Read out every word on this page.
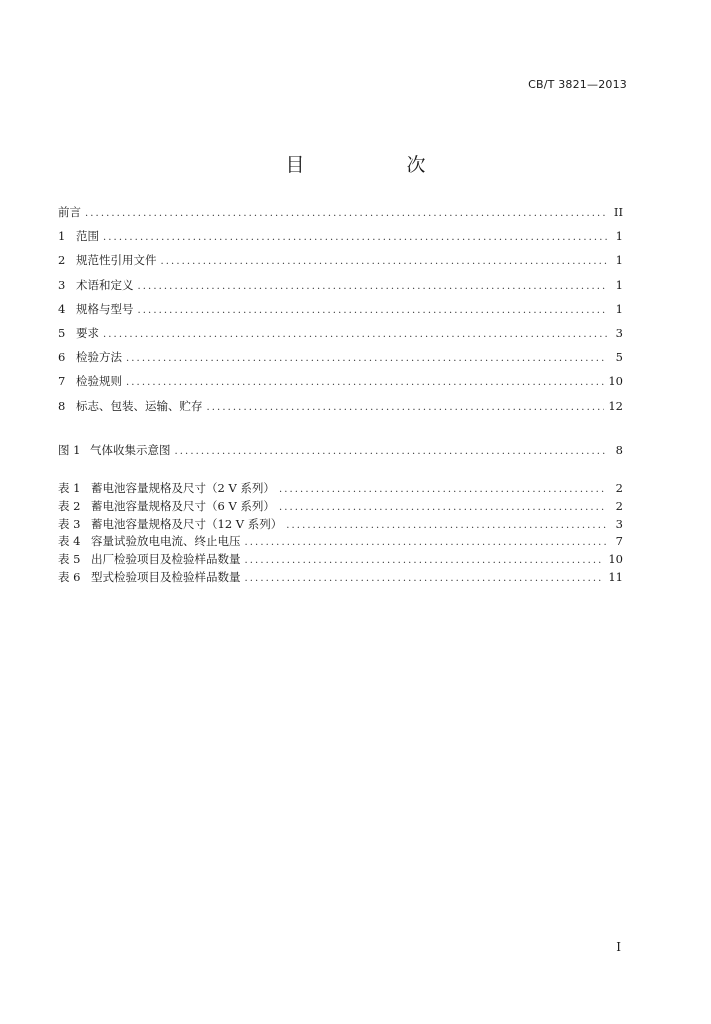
CB/T 3821—2013
目 次
前言 .....	II
1 范围 .....	1
2 规范性引用文件 .....	1
3 术语和定义 .....	1
4 规格与型号 .....	1
5 要求 .....	3
6 检验方法 .....	5
7 检验规则 .....	10
8 标志、包装、运输、贮存 .....	12
图 1 气体收集示意图 .....	8
表 1 蓄电池容量规格及尺寸（2 V 系列） .....	2
表 2 蓄电池容量规格及尺寸（6 V 系列） .....	2
表 3 蓄电池容量规格及尺寸（12 V 系列） .....	3
表 4 容量试验放电电流、终止电压 .....	7
表 5 出厂检验项目及检验样品数量 .....	10
表 6 型式检验项目及检验样品数量 .....	11
I
